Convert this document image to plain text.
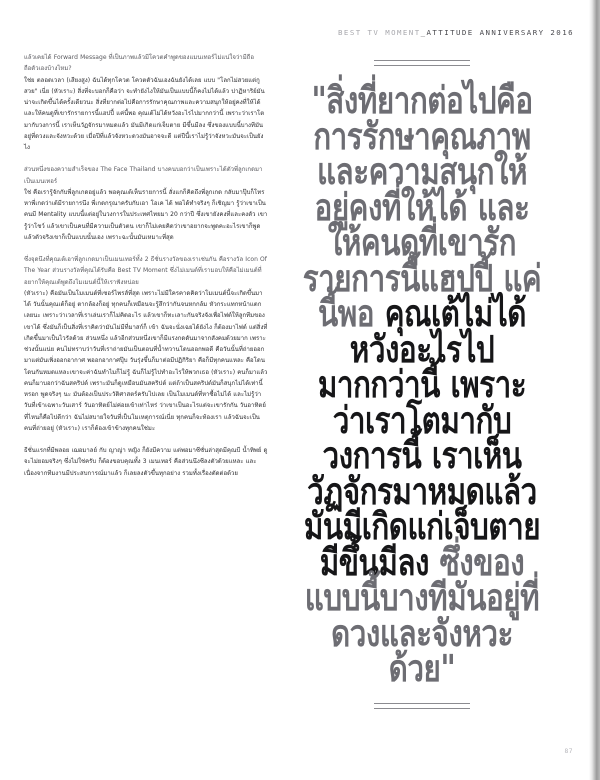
BEST TV MOMENT_ATTITUDE ANNIVERSARY 2016

แล้วเคยได้ Forward Message ที่เป็นภาพแล้วมีโควตคำพูดของแมนเทอร์ไม่แน่ใจว่ามีถือถือตัวเองบ้างไหม?

ใช่ย ตลอดเวลา (เสียงสูง) ฉันได้ทุกโควต โควตตัวฉันเองฉันยังได้เลย แบบ "โลกไม่สวยแต่กูสวย" เนี่ย (หัวเราะ) สิ่งที่จะบอกก็คือว่า จะทำยังไงให้มันเป็นแบบนี้ก็คงไม่ได้แล้ว ปาฏิหาริย์มันน่าจะเกิดขึ้นได้ครั้งเดียวนะ สิ่งที่ยากต่อไปคือการรักษาคุณภาพและความสนุกให้อยู่คงที่ให้ได้ และให้คนดูที่เขารักรายการนี้แฮปปี้ แค่นี้พอ คุณเต้ไม่ได้หวังอะไรไปมากกว่านี้ เพราะว่าเราโตมากับวงการนี้ เราเห็นวัฏจักรมาหมดแล้ว มันมีเกิดแก่เจ็บตาย มีขึ้นมีลง ซึ่งของแบบนี้บางทีมันอยู่ที่ดวงและจังหวะด้วย เมื่อปีที่แล้วจังหวะดวงมันอาจจะดี แต่ปีนี้เราไม่รู้ว่าจังหวะมันจะเป็นยังไง

ส่วนหนึ่งของความสำเร็จของ The Face Thailand บางคนบอกว่าเป็นเพราะได้ตัวพี่ลูกเกดมาเป็นเมนเทอร์

ใช่ คือเรารู้จักกับพี่ลูกเกดอยู่แล้ว พอคุณเต้เห็นรายการนี้ สั่งแกก็คิดถึงพี่ลูกเกด กลับมาปุ๊บก็โทรหาพี่เกดว่าเต้มีรายการนึง พี่เกดกรุณาครับกับเอา โอเค ได้ พอได้ทำจริงๆ ก็เชิญมา รู้ว่าเขาเป็นคนมี Mentality แบบนี้แต่อยู่ในวงการในประเทศไทยมา 20 กว่าปี ซึ่งเขายังคงที่และคงตัว เขารู้ว่าโชว์ แล้วเขาเป็นคนที่มีความเป็นตัวตน เขาก็ไม่เคยคิดว่าเขาอยากจะพูดคะอะไรเขาก็พูด แล้วตัวจริงเขาก็เป็นแบบนั้นเอง เพราะฉะนั้นมันเหมาะที่สุด

ซึ่งจุดนึงที่คุณเต้เอาพี่ลูกเกดมาเป็นเมนเทอร์ทั้ง 2 ธีชั่นรางวัลของเราเช่นกัน คือรางวัล Icon Of The Year ส่วนรางวัลที่คุณได้รับคือ Best TV Moment ซึ่งไม่เมนต์ที่เรามอบให้คือไม่เมนต์ที่อยากให้คุณเต้พูดถึงโมเมนต์นี้ให้เราฟังหน่อย

(หัวเราะ) คือมันเป็นโมเมนต์ที่เซอร์ไพรส์ที่สุด เพราะไม่มีใครคาดคิดว่าโมเมนต์นี้จะเกิดขึ้นมาได้ วันนั้นคุณเต้ก็อยู่ ตากล้องก็อยู่ ทุกคนก็เหมือนจะรู้สึกว่ากันจนหกกล้ม หัวกระแทกหน้าแตกเลยนะ เพราะว่าเวลาที่เราเล่นเราก็ไม่คิดอะไร แล้วเขาก็ทะเลาะกันจริงจังเพื่อไฟต์ให้ลูกทีมของเขาได้ ซึ่งมันก็เป็นสิ่งที่เราคิดว่ามันไม่มีที่มาสก์ก็ เข้า ฉันจะนั่งเฉยได้ยังไง ก็ต้องมาไฟต์ แต่สิ่งที่เกิดขึ้นมาเป็นไวรัลด้วย ส่วนหนึ่ง แล้วอีกส่วนหนึ่งเขาก็มีแรงกดดันมาจากสังคมด้วยมาก เพราะช่วงนั้นแน่ย คนไม่ทราบว่าวันที่เราถ่ายมันเป็นตอนที่น้ำทวานโดนออกพอดี คือวันนั้นที่ถ่ายออกมาแต่มันเพิ่งออกอากาศ พออกอากาศปุ๊บ วันรุ่งขึ้นก็มาต่อมีปฏิกิริยา คือก็มีทุกคนแหละ คือโดน โดนกันหมดแหละเขาจะค่าฉันทำไมก็ไม่รู้ ฉันก็ไม่รู้ไปทำอะไรให้พวกเธอ (หัวเราะ) คนก็มาแล้วคนก็มาบอกว่าฉันสคริปต์ เพราะมันก็ดูเหมือนมันสคริปต์ แต่ถ้าเป็นสคริปต์มันก็สนุกไม่ได้เท่านี้หรอก พูดจริงๆ นะ มันต้องเป็นประวัติศาสตร์ครับไปเลย เป็นโมเมนต์ที่หาซื้อไม่ได้ และไม่รู้ว่าวันที่เข้าเฉพาะวันเสาร์ วันอาทิตย์ไม่ค่อยเข้าเท่าไหร่ ว่าเขาเป็นอะไรแต่จะเขารักกัน วันอาทิตย์ที่ไหนก็คือไปดีกว่า ฉันไม่สบายใจวันที่เป็นโมเหตุการณ์เนี่ย ทุกคนก็จะท้องเรา แล้วฉันจะเป็นคนที่ถ่ายอยู่ (หัวเราะ) เราก็ต้องเข้าข้างทุกคนใช่มะ

ธีชั่นแรกที่มีพลอย เฌอมาลย์ กับ ญาญ่า หญิง ก็ยังมีความ แต่พอมาซีซั่นล่าสุดมีคุณบี น้ำทิพย์ ดูจะไม่ยอมจริงๆ ซึ่งไม่ใช่ครับ ก็ต้องขอบคุณทั้ง 3 เมนเทอร์ คือส่วนนึงซีลงตัวด้วยแหละ และเนื่องจากทีมงานมีประสบการณ์มาแล้ว ก็เลยลงตัวขึ้นทุกอย่าง รวมทั้งเรื่องตัดต่อด้วย

"สิ่งที่ยากต่อไปคือการรักษาคุณภาพและความสนุกให้อยู่คงที่ให้ได้ และให้คนดูที่เขารักรายการนี้แฮปปี้ แค่นี้พอ คุณเต้ไม่ได้หวังอะไรไปมากกว่านี้ เพราะว่าเราโตมากับวงการนี้ เราเห็นวัฏจักรมาหมดแล้ว มันมีเกิดแก่เจ็บตาย มีขึ้นมีลง ซึ่งของแบบนี้บางทีมันอยู่ที่ดวงและจังหวะด้วย"
87
